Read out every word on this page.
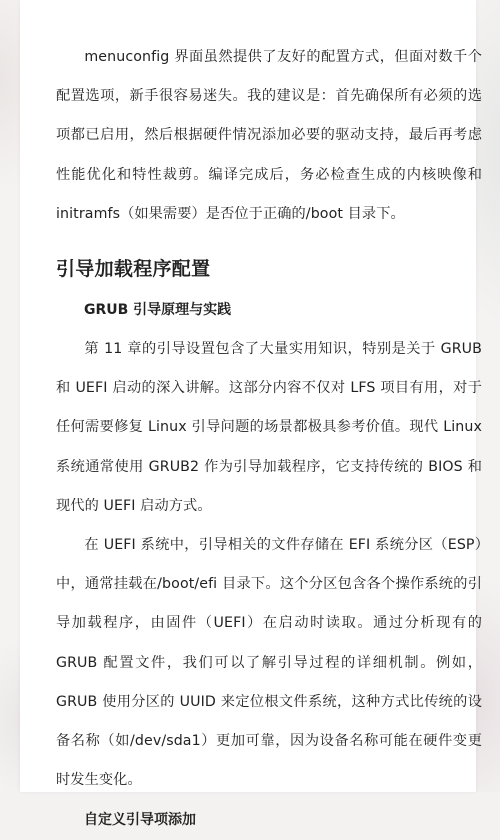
menuconfig 界面虽然提供了友好的配置方式，但面对数千个配置选项，新手很容易迷失。我的建议是：首先确保所有必须的选项都已启用，然后根据硬件情况添加必要的驱动支持，最后再考虑性能优化和特性裁剪。编译完成后，务必检查生成的内核映像和 initramfs（如果需要）是否位于正确的/boot 目录下。

引导加载程序配置
GRUB 引导原理与实践

第 11 章的引导设置包含了大量实用知识，特别是关于 GRUB 和 UEFI 启动的深入讲解。这部分内容不仅对 LFS 项目有用，对于任何需要修复 Linux 引导问题的场景都极具参考价值。现代 Linux 系统通常使用 GRUB2 作为引导加载程序，它支持传统的 BIOS 和现代的 UEFI 启动方式。

在 UEFI 系统中，引导相关的文件存储在 EFI 系统分区（ESP）中，通常挂载在/boot/efi 目录下。这个分区包含各个操作系统的引导加载程序，由固件（UEFI）在启动时读取。通过分析现有的 GRUB 配置文件，我们可以了解引导过程的详细机制。例如，GRUB 使用分区的 UUID 来定位根文件系统，这种方式比传统的设备名称（如/dev/sda1）更加可靠，因为设备名称可能在硬件变更时发生变化。

自定义引导项添加
